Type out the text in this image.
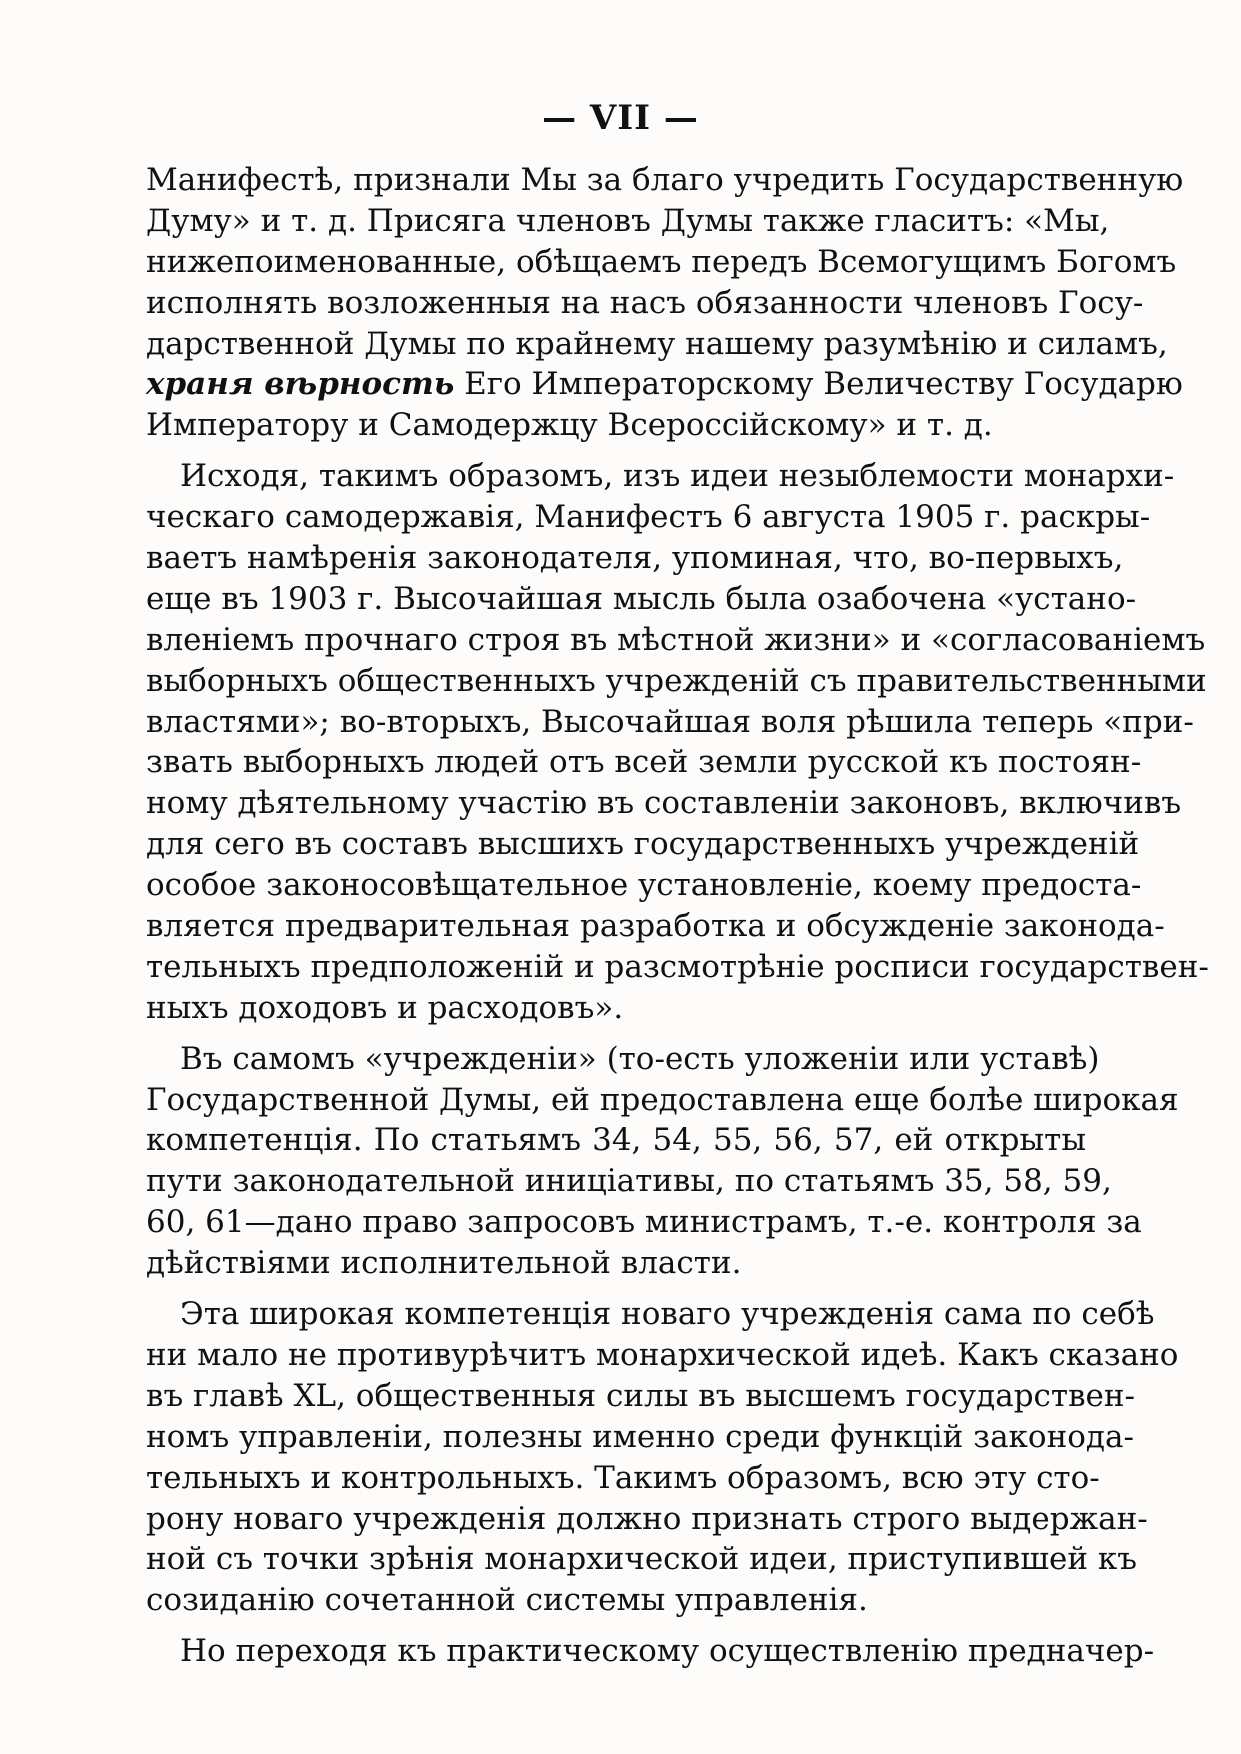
— VII —
Манифестѣ, признали Мы за благо учредить Государственную
Думу» и т. д. Присяга членовъ Думы также гласитъ: «Мы,
нижепоименованные, обѣщаемъ передъ Всемогущимъ Богомъ
исполнять возложенныя на насъ обязанности членовъ Госу-
дарственной Думы по крайнему нашему разумѣнію и силамъ,
храня вѣрность Его Императорскому Величеству Государю
Императору и Самодержцу Всероссійскому» и т. д.
Исходя, такимъ образомъ, изъ идеи незыблемости монархи-
ческаго самодержавія, Манифестъ 6 августа 1905 г. раскры-
ваетъ намѣренія законодателя, упоминая, что, во-первыхъ,
еще въ 1903 г. Высочайшая мысль была озабочена «устано-
вленіемъ прочнаго строя въ мѣстной жизни» и «согласованіемъ
выборныхъ общественныхъ учрежденій съ правительственными
властями»; во-вторыхъ, Высочайшая воля рѣшила теперь «при-
звать выборныхъ людей отъ всей земли русской къ постоян-
ному дѣятельному участію въ составленіи законовъ, включивъ
для сего въ составъ высшихъ государственныхъ учрежденій
особое законосовѣщательное установленіе, коему предоста-
вляется предварительная разработка и обсужденіе законода-
тельныхъ предположеній и разсмотрѣніе росписи государствен-
ныхъ доходовъ и расходовъ».
Въ самомъ «учрежденіи» (то-есть уложеніи или уставѣ)
Государственной Думы, ей предоставлена еще болѣе широкая
компетенція. По статьямъ 34, 54, 55, 56, 57, ей открыты
пути законодательной иниціативы, по статьямъ 35, 58, 59,
60, 61—дано право запросовъ министрамъ, т.-е. контроля за
дѣйствіями исполнительной власти.
Эта широкая компетенція новаго учрежденія сама по себѣ
ни мало не противурѣчитъ монархической идеѣ. Какъ сказано
въ главѣ XL, общественныя силы въ высшемъ государствен-
номъ управленіи, полезны именно среди функцій законода-
тельныхъ и контрольныхъ. Такимъ образомъ, всю эту сто-
рону новаго учрежденія должно признать строго выдержан-
ной съ точки зрѣнія монархической идеи, приступившей къ
созиданію сочетанной системы управленія.
Но переходя къ практическому осуществленію предначер-
